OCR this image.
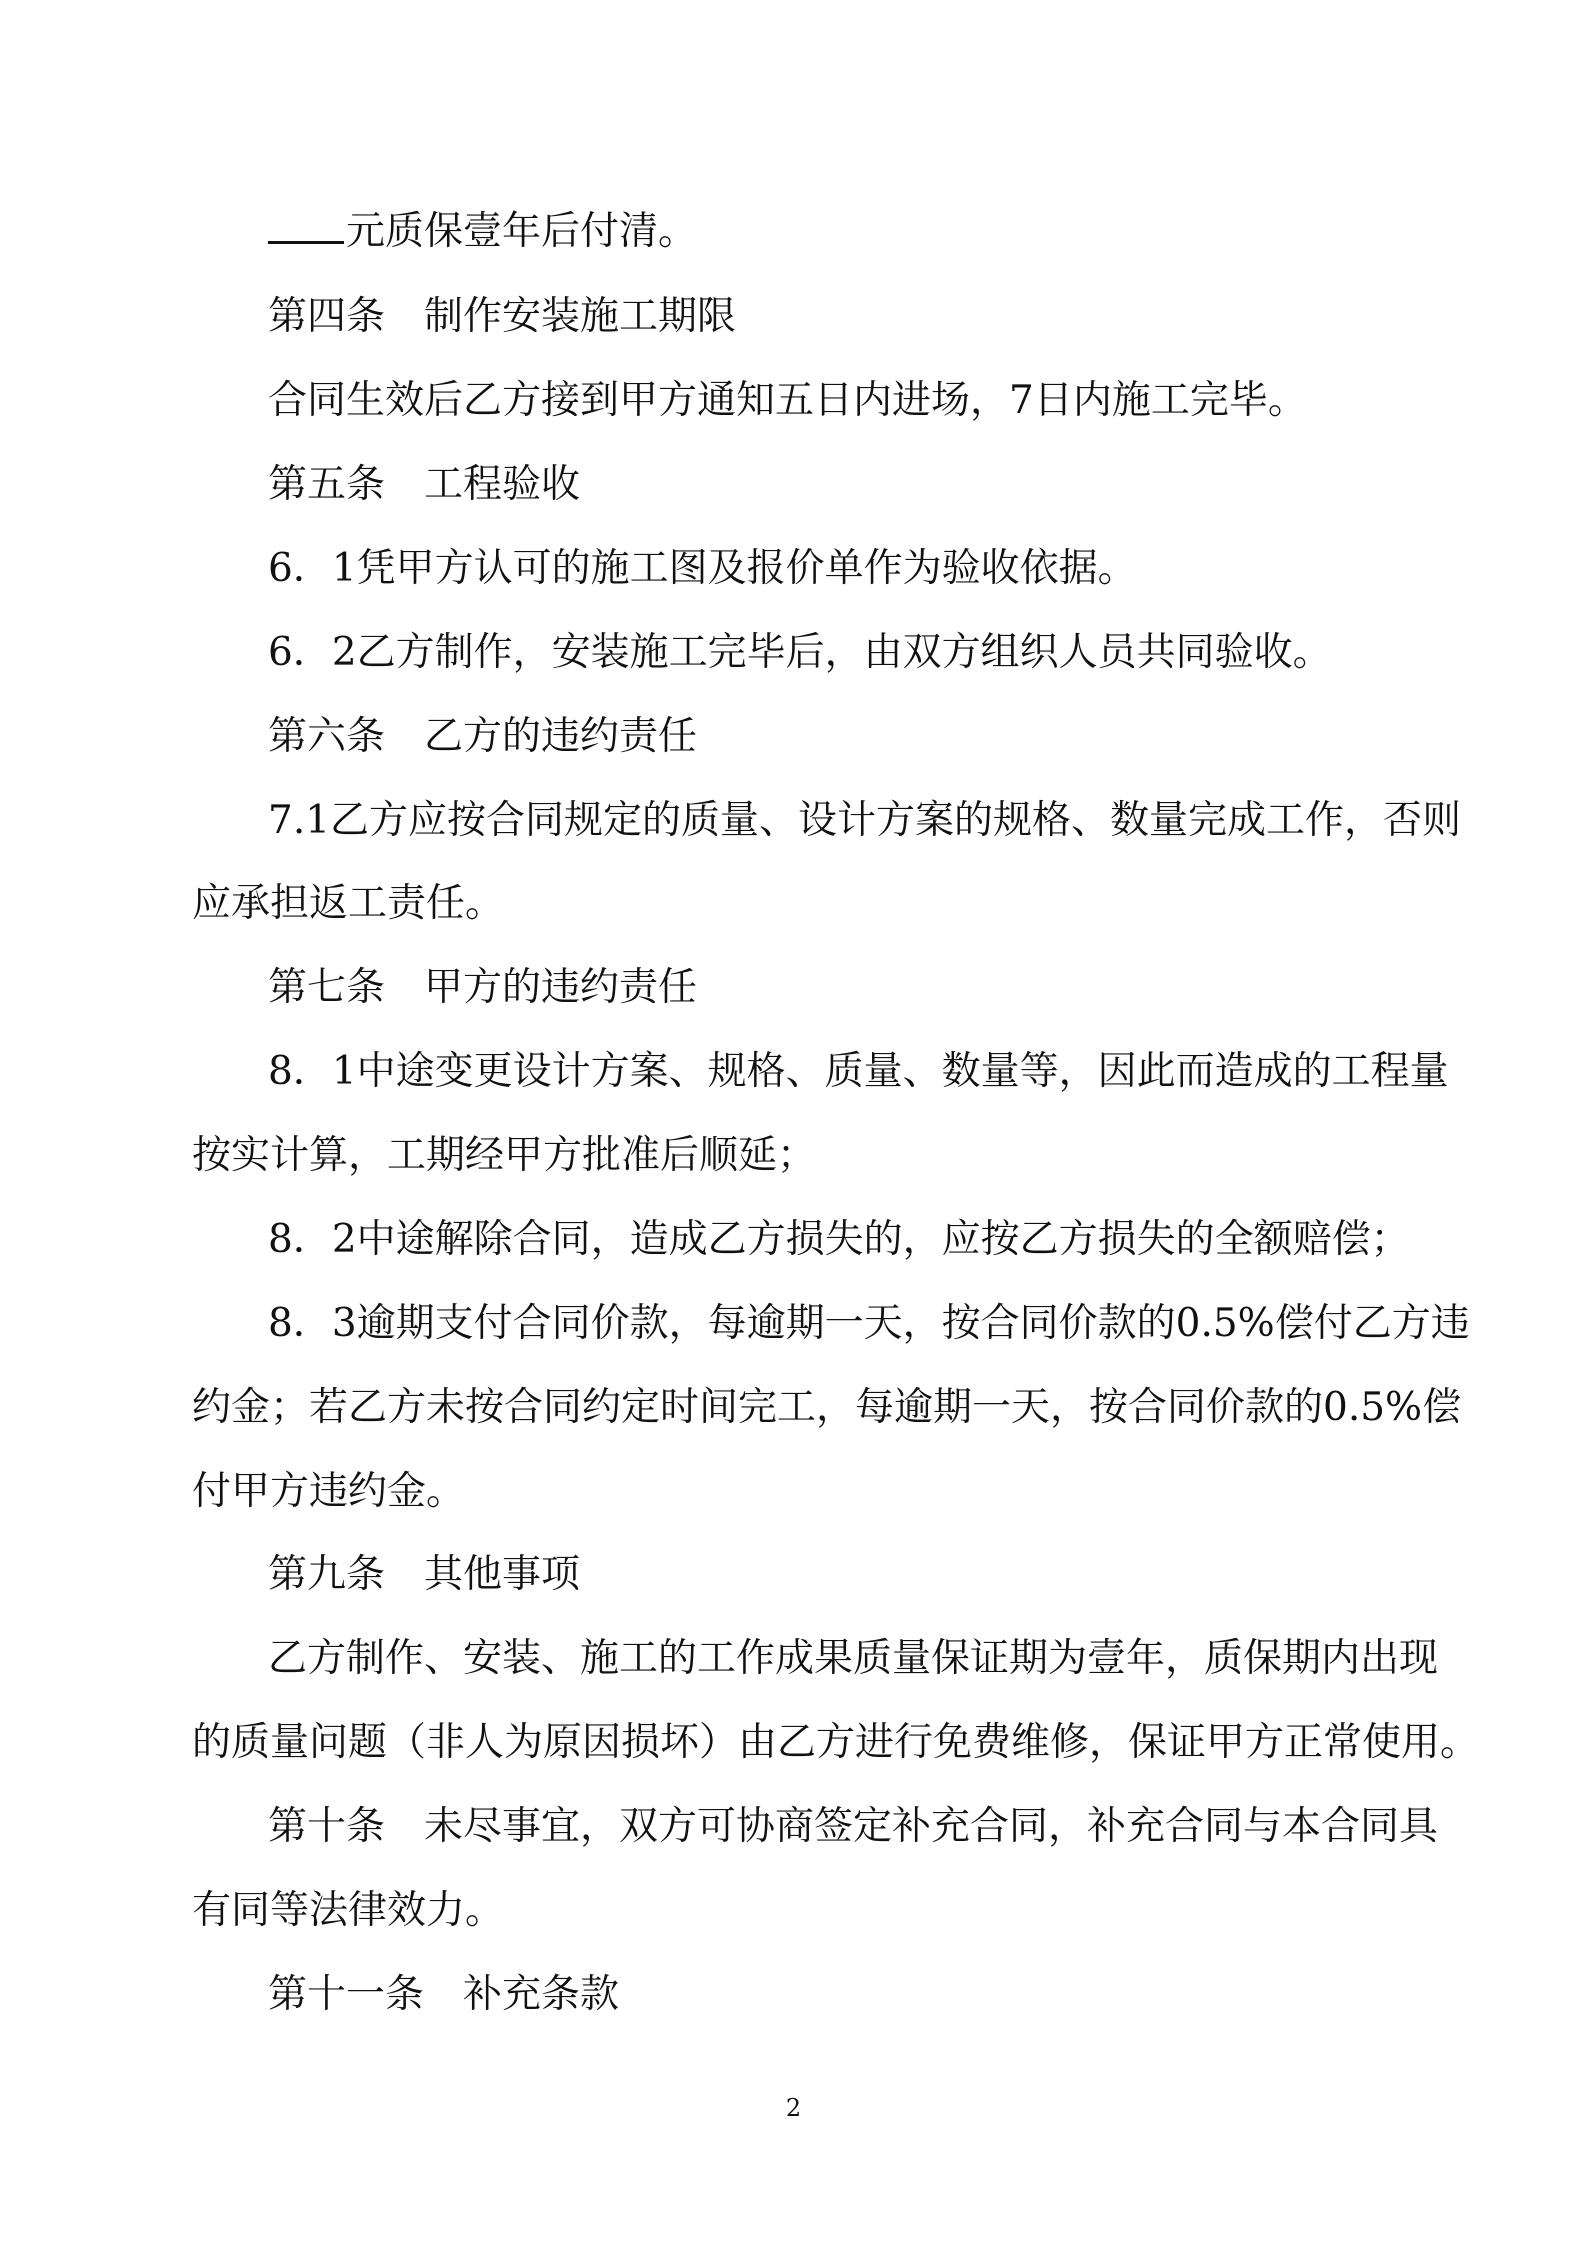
元质保壹年后付清。
第四条　制作安装施工期限
合同生效后乙方接到甲方通知五日内进场，7日内施工完毕。
第五条　工程验收
6．1凭甲方认可的施工图及报价单作为验收依据。
6．2乙方制作，安装施工完毕后，由双方组织人员共同验收。
第六条　乙方的违约责任
7.1乙方应按合同规定的质量、设计方案的规格、数量完成工作，否则
应承担返工责任。
第七条　甲方的违约责任
8．1中途变更设计方案、规格、质量、数量等，因此而造成的工程量
按实计算，工期经甲方批准后顺延；
8．2中途解除合同，造成乙方损失的，应按乙方损失的全额赔偿；
8．3逾期支付合同价款，每逾期一天，按合同价款的0.5%偿付乙方违
约金；若乙方未按合同约定时间完工，每逾期一天，按合同价款的0.5%偿
付甲方违约金。
第九条　其他事项
乙方制作、安装、施工的工作成果质量保证期为壹年，质保期内出现
的质量问题（非人为原因损坏）由乙方进行免费维修，保证甲方正常使用。
第十条　未尽事宜，双方可协商签定补充合同，补充合同与本合同具
有同等法律效力。
第十一条　补充条款
2
